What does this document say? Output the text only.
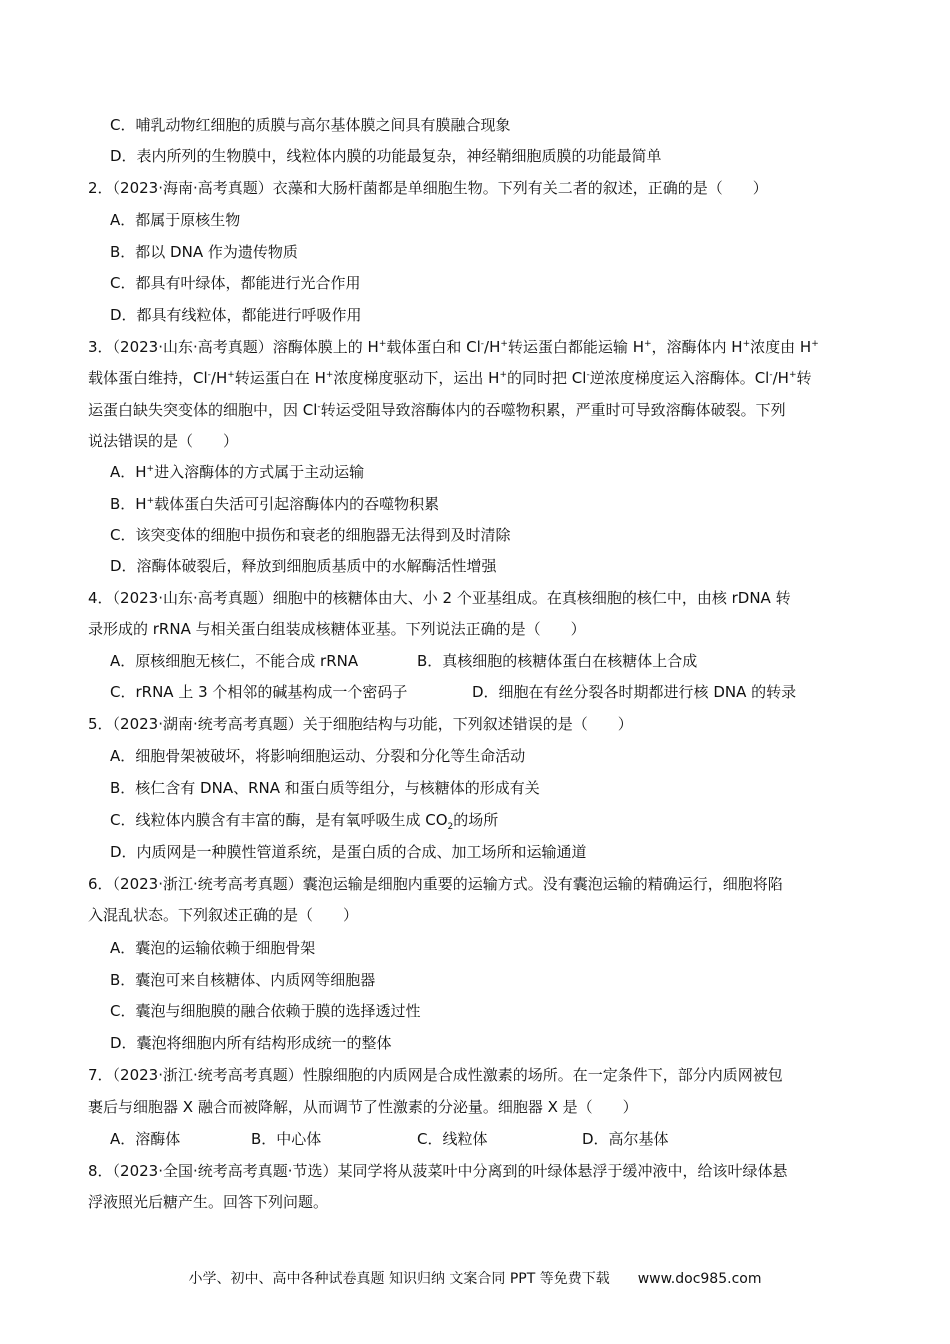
C．哺乳动物红细胞的质膜与高尔基体膜之间具有膜融合现象
D．表内所列的生物膜中，线粒体内膜的功能最复杂，神经鞘细胞质膜的功能最简单
2．（2023·海南·高考真题）衣藻和大肠杆菌都是单细胞生物。下列有关二者的叙述，正确的是（　　）
A．都属于原核生物
B．都以 DNA 作为遗传物质
C．都具有叶绿体，都能进行光合作用
D．都具有线粒体，都能进行呼吸作用
3．（2023·山东·高考真题）溶酶体膜上的 H+载体蛋白和 Cl-/H+转运蛋白都能运输 H+，溶酶体内 H+浓度由 H+
载体蛋白维持，Cl-/H+转运蛋白在 H+浓度梯度驱动下，运出 H+的同时把 Cl-逆浓度梯度运入溶酶体。Cl-/H+转
运蛋白缺失突变体的细胞中，因 Cl-转运受阻导致溶酶体内的吞噬物积累，严重时可导致溶酶体破裂。下列
说法错误的是（　　）
A．H+进入溶酶体的方式属于主动运输
B．H+载体蛋白失活可引起溶酶体内的吞噬物积累
C．该突变体的细胞中损伤和衰老的细胞器无法得到及时清除
D．溶酶体破裂后，释放到细胞质基质中的水解酶活性增强
4．（2023·山东·高考真题）细胞中的核糖体由大、小 2 个亚基组成。在真核细胞的核仁中，由核 rDNA 转
录形成的 rRNA 与相关蛋白组装成核糖体亚基。下列说法正确的是（　　）
A．原核细胞无核仁，不能合成 rRNA	B．真核细胞的核糖体蛋白在核糖体上合成
C．rRNA 上 3 个相邻的碱基构成一个密码子	D．细胞在有丝分裂各时期都进行核 DNA 的转录
5．（2023·湖南·统考高考真题）关于细胞结构与功能，下列叙述错误的是（　　）
A．细胞骨架被破坏，将影响细胞运动、分裂和分化等生命活动
B．核仁含有 DNA、RNA 和蛋白质等组分，与核糖体的形成有关
C．线粒体内膜含有丰富的酶，是有氧呼吸生成 $CO_2$的场所
D．内质网是一种膜性管道系统，是蛋白质的合成、加工场所和运输通道
6．（2023·浙江·统考高考真题）囊泡运输是细胞内重要的运输方式。没有囊泡运输的精确运行，细胞将陷
入混乱状态。下列叙述正确的是（　　）
A．囊泡的运输依赖于细胞骨架
B．囊泡可来自核糖体、内质网等细胞器
C．囊泡与细胞膜的融合依赖于膜的选择透过性
D．囊泡将细胞内所有结构形成统一的整体
7．（2023·浙江·统考高考真题）性腺细胞的内质网是合成性激素的场所。在一定条件下，部分内质网被包
裹后与细胞器 X 融合而被降解，从而调节了性激素的分泌量。细胞器 X 是（　　）
A．溶酶体	B．中心体	C．线粒体	D．高尔基体
8．（2023·全国·统考高考真题·节选）某同学将从菠菜叶中分离到的叶绿体悬浮于缓冲液中，给该叶绿体悬
浮液照光后糖产生。回答下列问题。
小学、初中、高中各种试卷真题 知识归纳 文案合同 PPT 等免费下载　　www.doc985.com
